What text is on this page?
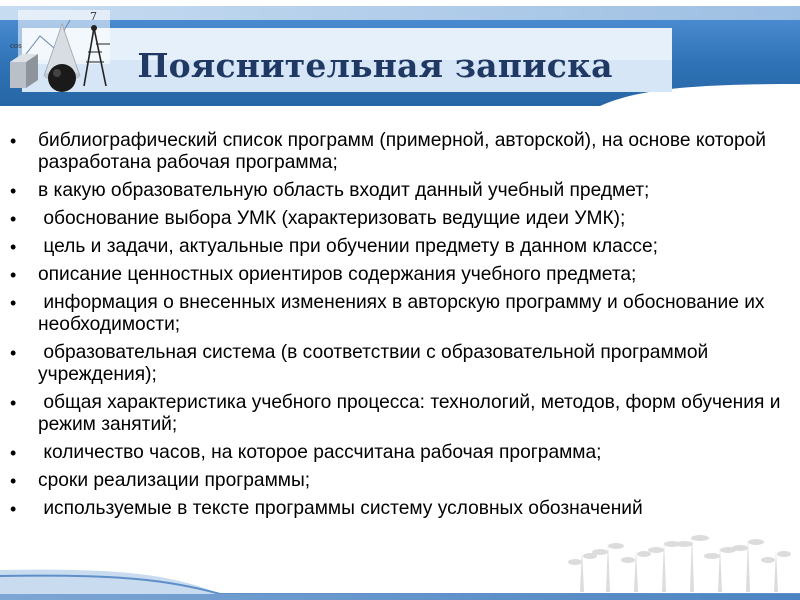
Пояснительная записка
7
cos
• библиографический список программ (примерной, авторской), на основе которой разработана рабочая программа;
• в какую образовательную область входит данный учебный предмет;
• обоснование выбора УМК (характеризовать ведущие идеи УМК);
• цель и задачи, актуальные при обучении предмету в данном классе;
• описание ценностных ориентиров содержания учебного предмета;
• информация о внесенных изменениях в авторскую программу и обоснование их необходимости;
• образовательная система (в соответствии с образовательной программой учреждения);
• общая характеристика учебного процесса: технологий, методов, форм обучения и режим занятий;
• количество часов, на которое рассчитана рабочая программа;
• сроки реализации программы;
• используемые в тексте программы систему условных обозначений
